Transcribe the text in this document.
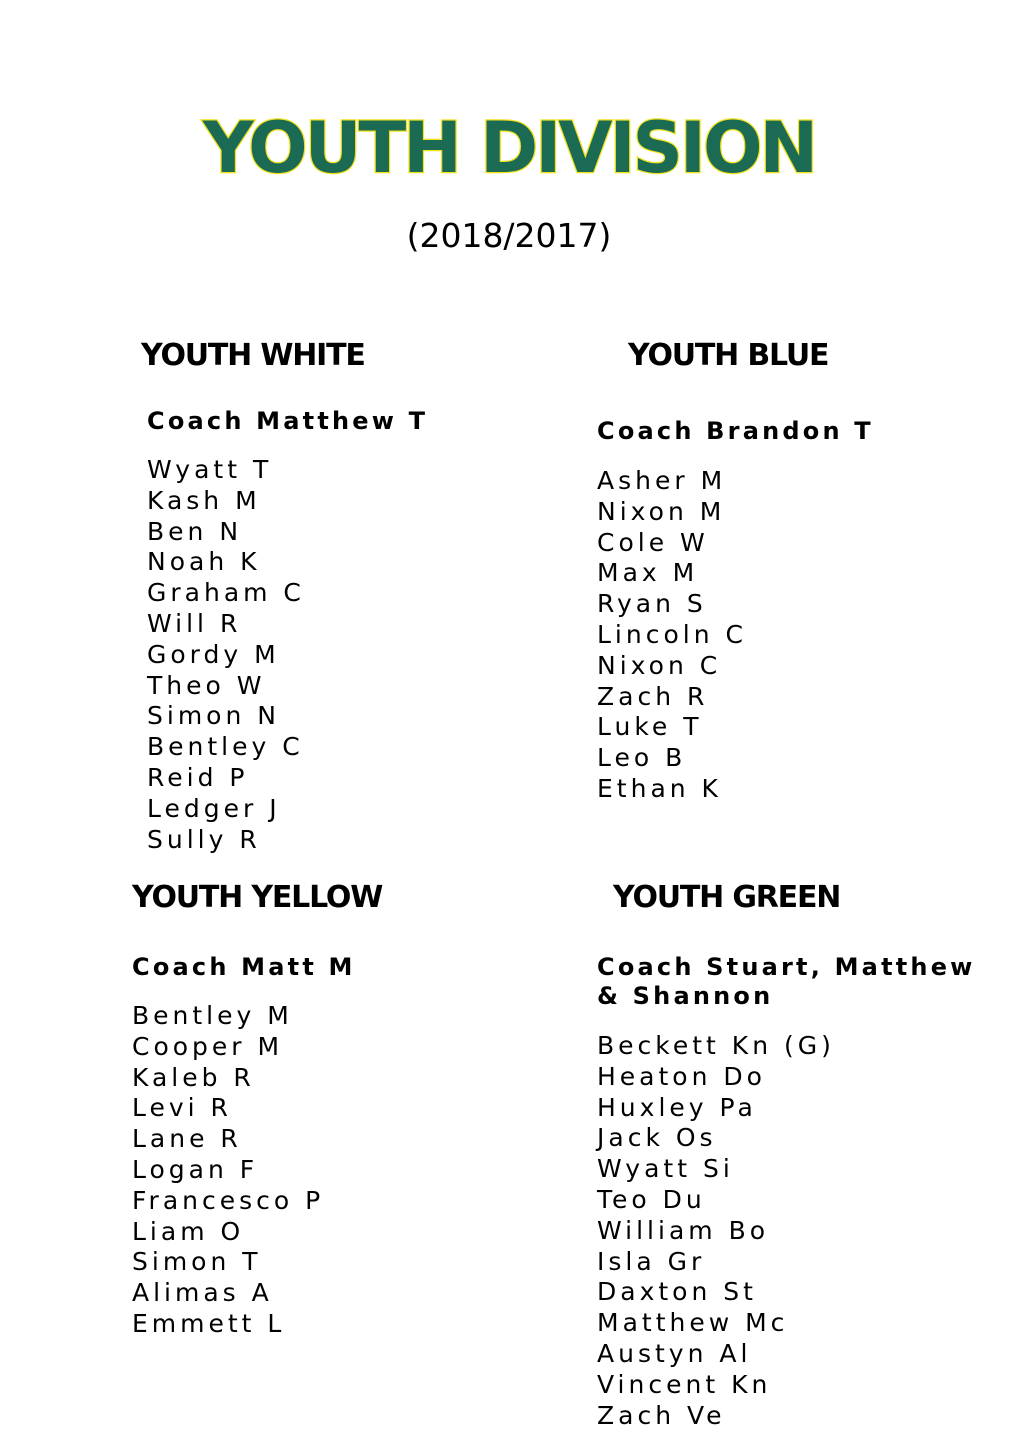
YOUTH DIVISION
(2018/2017)
YOUTH WHITE
Coach Matthew T
Wyatt T
Kash M
Ben N
Noah K
Graham C
Will R
Gordy M
Theo W
Simon N
Bentley C
Reid P
Ledger J
Sully R
YOUTH BLUE
Coach Brandon T
Asher M
Nixon M
Cole W
Max M
Ryan S
Lincoln C
Nixon C
Zach R
Luke T
Leo B
Ethan K
YOUTH YELLOW
Coach Matt M
Bentley M
Cooper M
Kaleb R
Levi R
Lane R
Logan F
Francesco P
Liam O
Simon T
Alimas A
Emmett L
YOUTH GREEN
Coach Stuart, Matthew
& Shannon
Beckett Kn (G)
Heaton Do
Huxley Pa
Jack Os
Wyatt Si
Teo Du
William Bo
Isla Gr
Daxton St
Matthew Mc
Austyn Al
Vincent Kn
Zach Ve
